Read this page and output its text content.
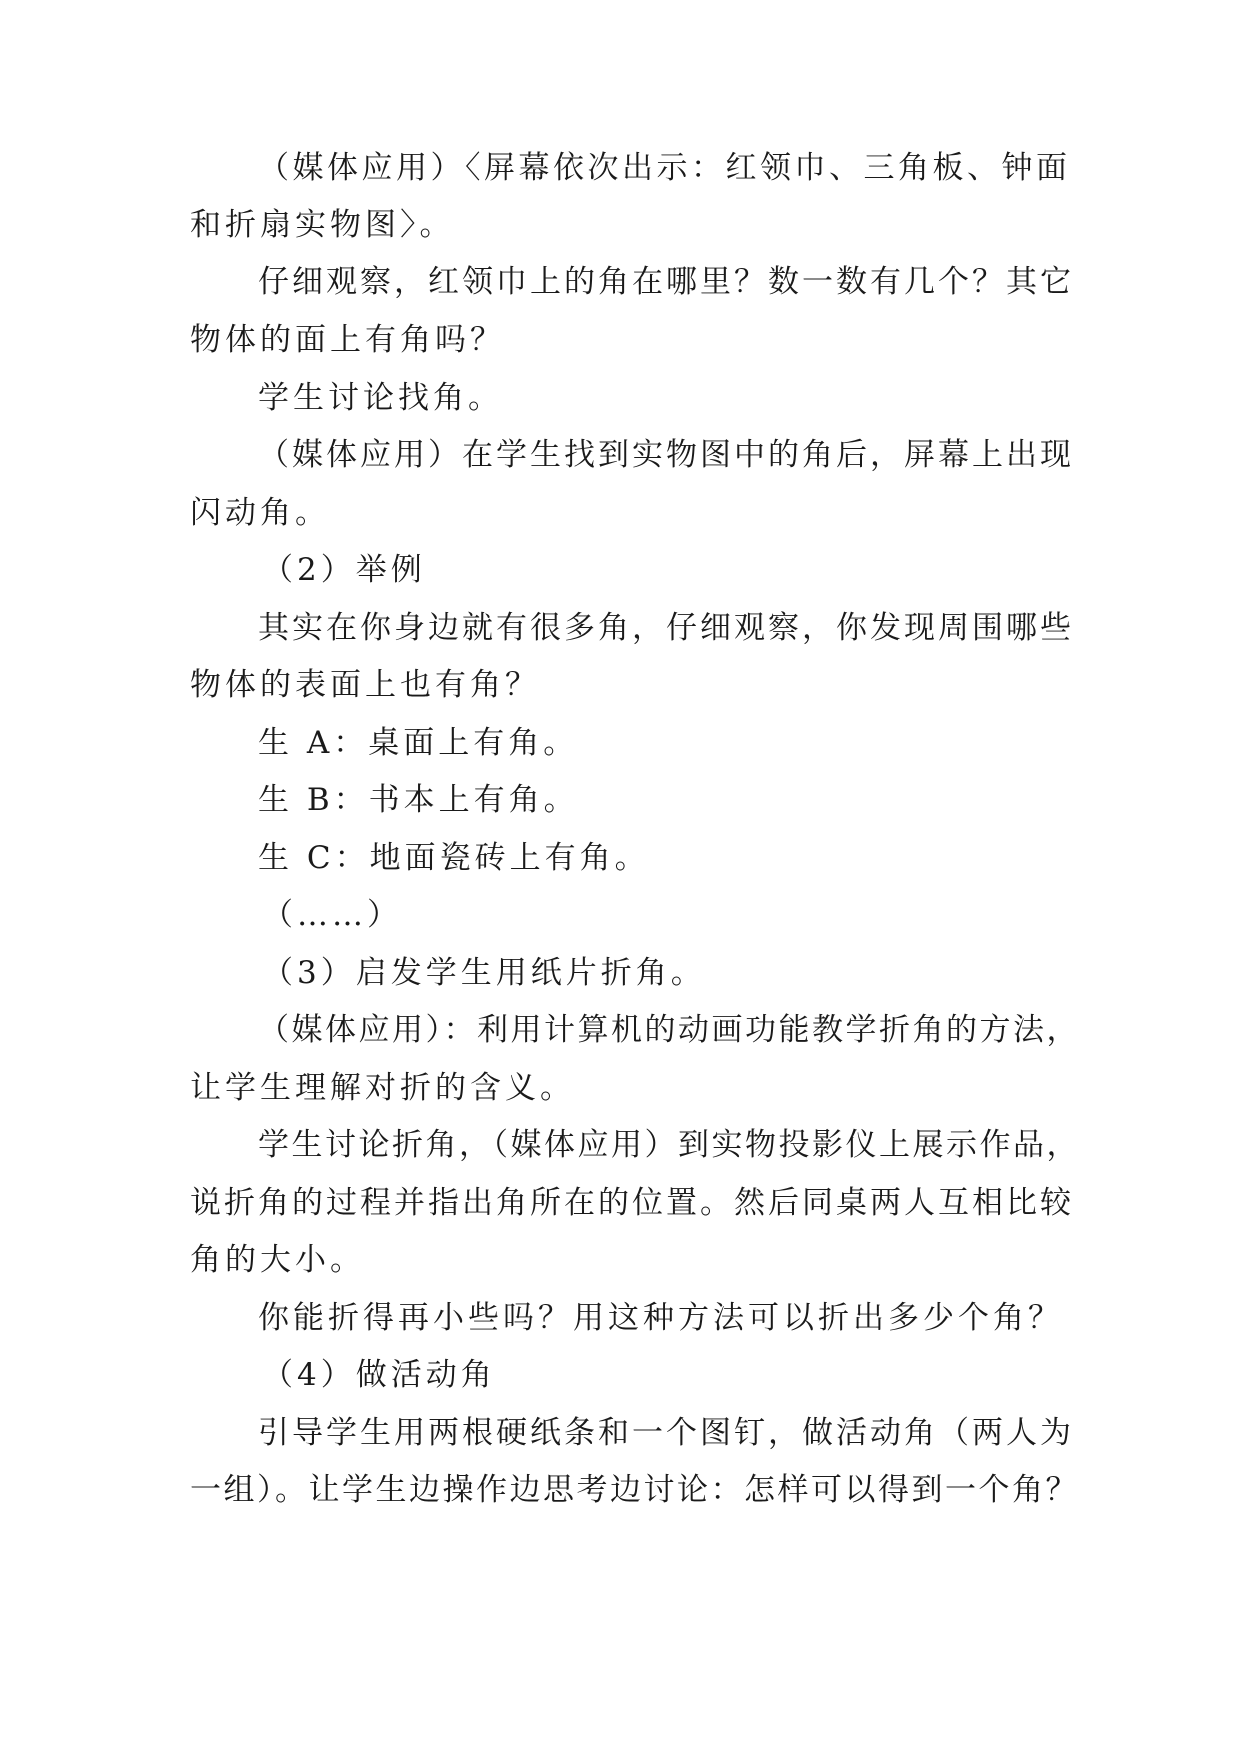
（媒体应用）〈屏幕依次出示：红领巾、三角板、钟面
和折扇实物图〉。
仔细观察，红领巾上的角在哪里？数一数有几个？其它
物体的面上有角吗？
学生讨论找角。
（媒体应用）在学生找到实物图中的角后，屏幕上出现
闪动角。
（2）举例
其实在你身边就有很多角，仔细观察，你发现周围哪些
物体的表面上也有角？
生 A：桌面上有角。
生 B：书本上有角。
生 C：地面瓷砖上有角。
（……）
（3）启发学生用纸片折角。
（媒体应用）：利用计算机的动画功能教学折角的方法，
让学生理解对折的含义。
学生讨论折角，（媒体应用）到实物投影仪上展示作品，
说折角的过程并指出角所在的位置。然后同桌两人互相比较
角的大小。
你能折得再小些吗？用这种方法可以折出多少个角？
（4）做活动角
引导学生用两根硬纸条和一个图钉，做活动角（两人为
一组）。让学生边操作边思考边讨论：怎样可以得到一个角？
